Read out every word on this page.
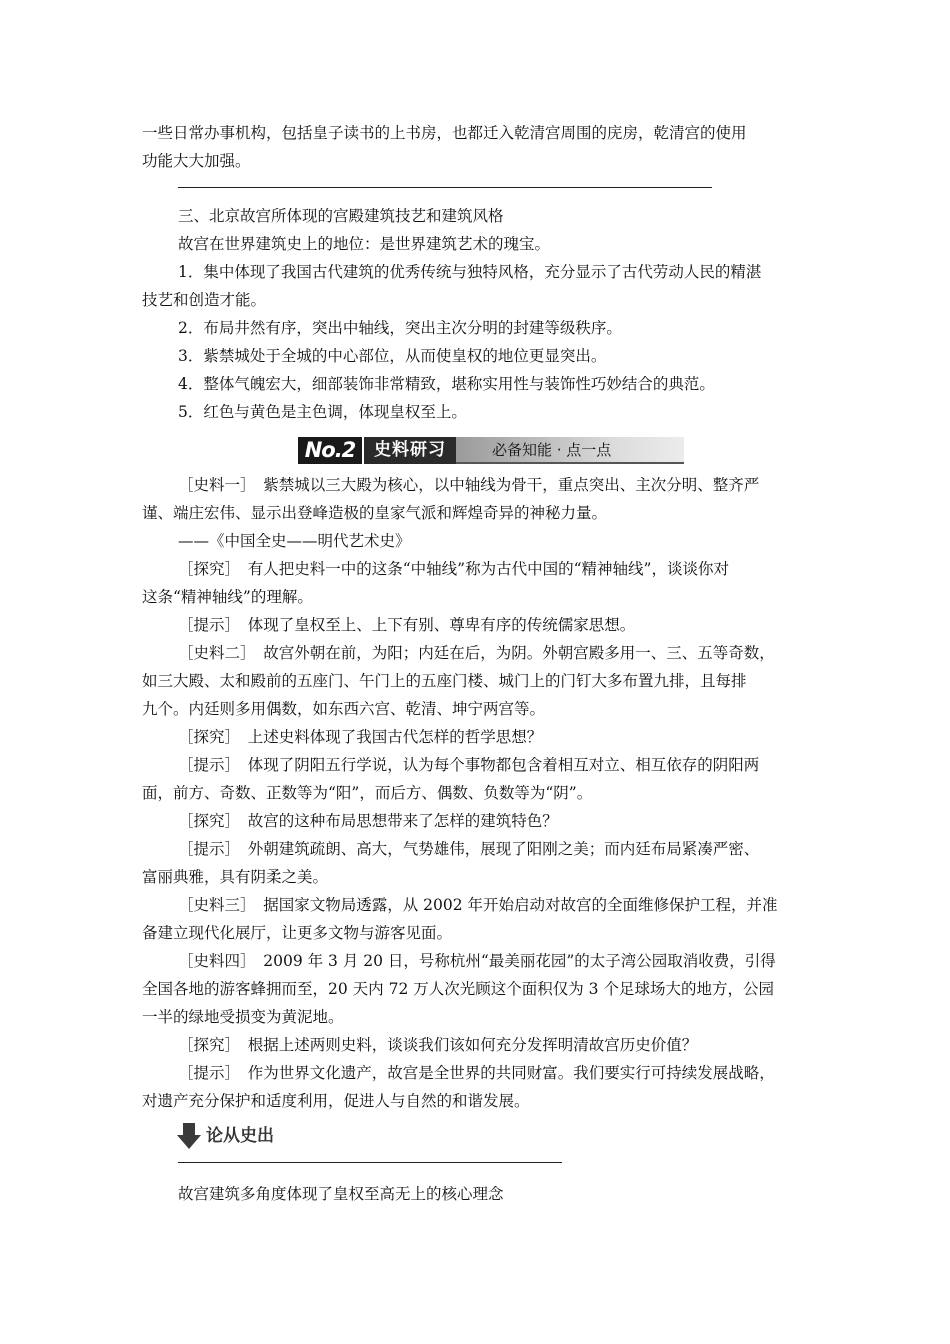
一些日常办事机构，包括皇子读书的上书房，也都迁入乾清宫周围的庑房，乾清宫的使用
功能大大加强。
三、北京故宫所体现的宫殿建筑技艺和建筑风格
故宫在世界建筑史上的地位：是世界建筑艺术的瑰宝。
1．集中体现了我国古代建筑的优秀传统与独特风格，充分显示了古代劳动人民的精湛
技艺和创造才能。
2．布局井然有序，突出中轴线，突出主次分明的封建等级秩序。
3．紫禁城处于全城的中心部位，从而使皇权的地位更显突出。
4．整体气魄宏大，细部装饰非常精致，堪称实用性与装饰性巧妙结合的典范。
5．红色与黄色是主色调，体现皇权至上。
No.2	史料研习	必备知能 · 点一点
［史料一］　紫禁城以三大殿为核心，以中轴线为骨干，重点突出、主次分明、整齐严
谨、端庄宏伟、显示出登峰造极的皇家气派和辉煌奇异的神秘力量。
——《中国全史——明代艺术史》
［探究］　有人把史料一中的这条“中轴线”称为古代中国的“精神轴线”，谈谈你对
这条“精神轴线”的理解。
［提示］　体现了皇权至上、上下有别、尊卑有序的传统儒家思想。
［史料二］　故宫外朝在前，为阳；内廷在后，为阴。外朝宫殿多用一、三、五等奇数，
如三大殿、太和殿前的五座门、午门上的五座门楼、城门上的门钉大多布置九排，且每排
九个。内廷则多用偶数，如东西六宫、乾清、坤宁两宫等。
［探究］　上述史料体现了我国古代怎样的哲学思想？
［提示］　体现了阴阳五行学说，认为每个事物都包含着相互对立、相互依存的阴阳两
面，前方、奇数、正数等为“阳”，而后方、偶数、负数等为“阴”。
［探究］　故宫的这种布局思想带来了怎样的建筑特色？
［提示］　外朝建筑疏朗、高大，气势雄伟，展现了阳刚之美；而内廷布局紧凑严密、
富丽典雅，具有阴柔之美。
［史料三］　据国家文物局透露，从 2002 年开始启动对故宫的全面维修保护工程，并准
备建立现代化展厅，让更多文物与游客见面。
［史料四］　2009 年 3 月 20 日，号称杭州“最美丽花园”的太子湾公园取消收费，引得
全国各地的游客蜂拥而至，20 天内 72 万人次光顾这个面积仅为 3 个足球场大的地方，公园
一半的绿地受损变为黄泥地。
［探究］　根据上述两则史料，谈谈我们该如何充分发挥明清故宫历史价值？
［提示］　作为世界文化遗产，故宫是全世界的共同财富。我们要实行可持续发展战略，
对遗产充分保护和适度利用，促进人与自然的和谐发展。
论从史出
故宫建筑多角度体现了皇权至高无上的核心理念
